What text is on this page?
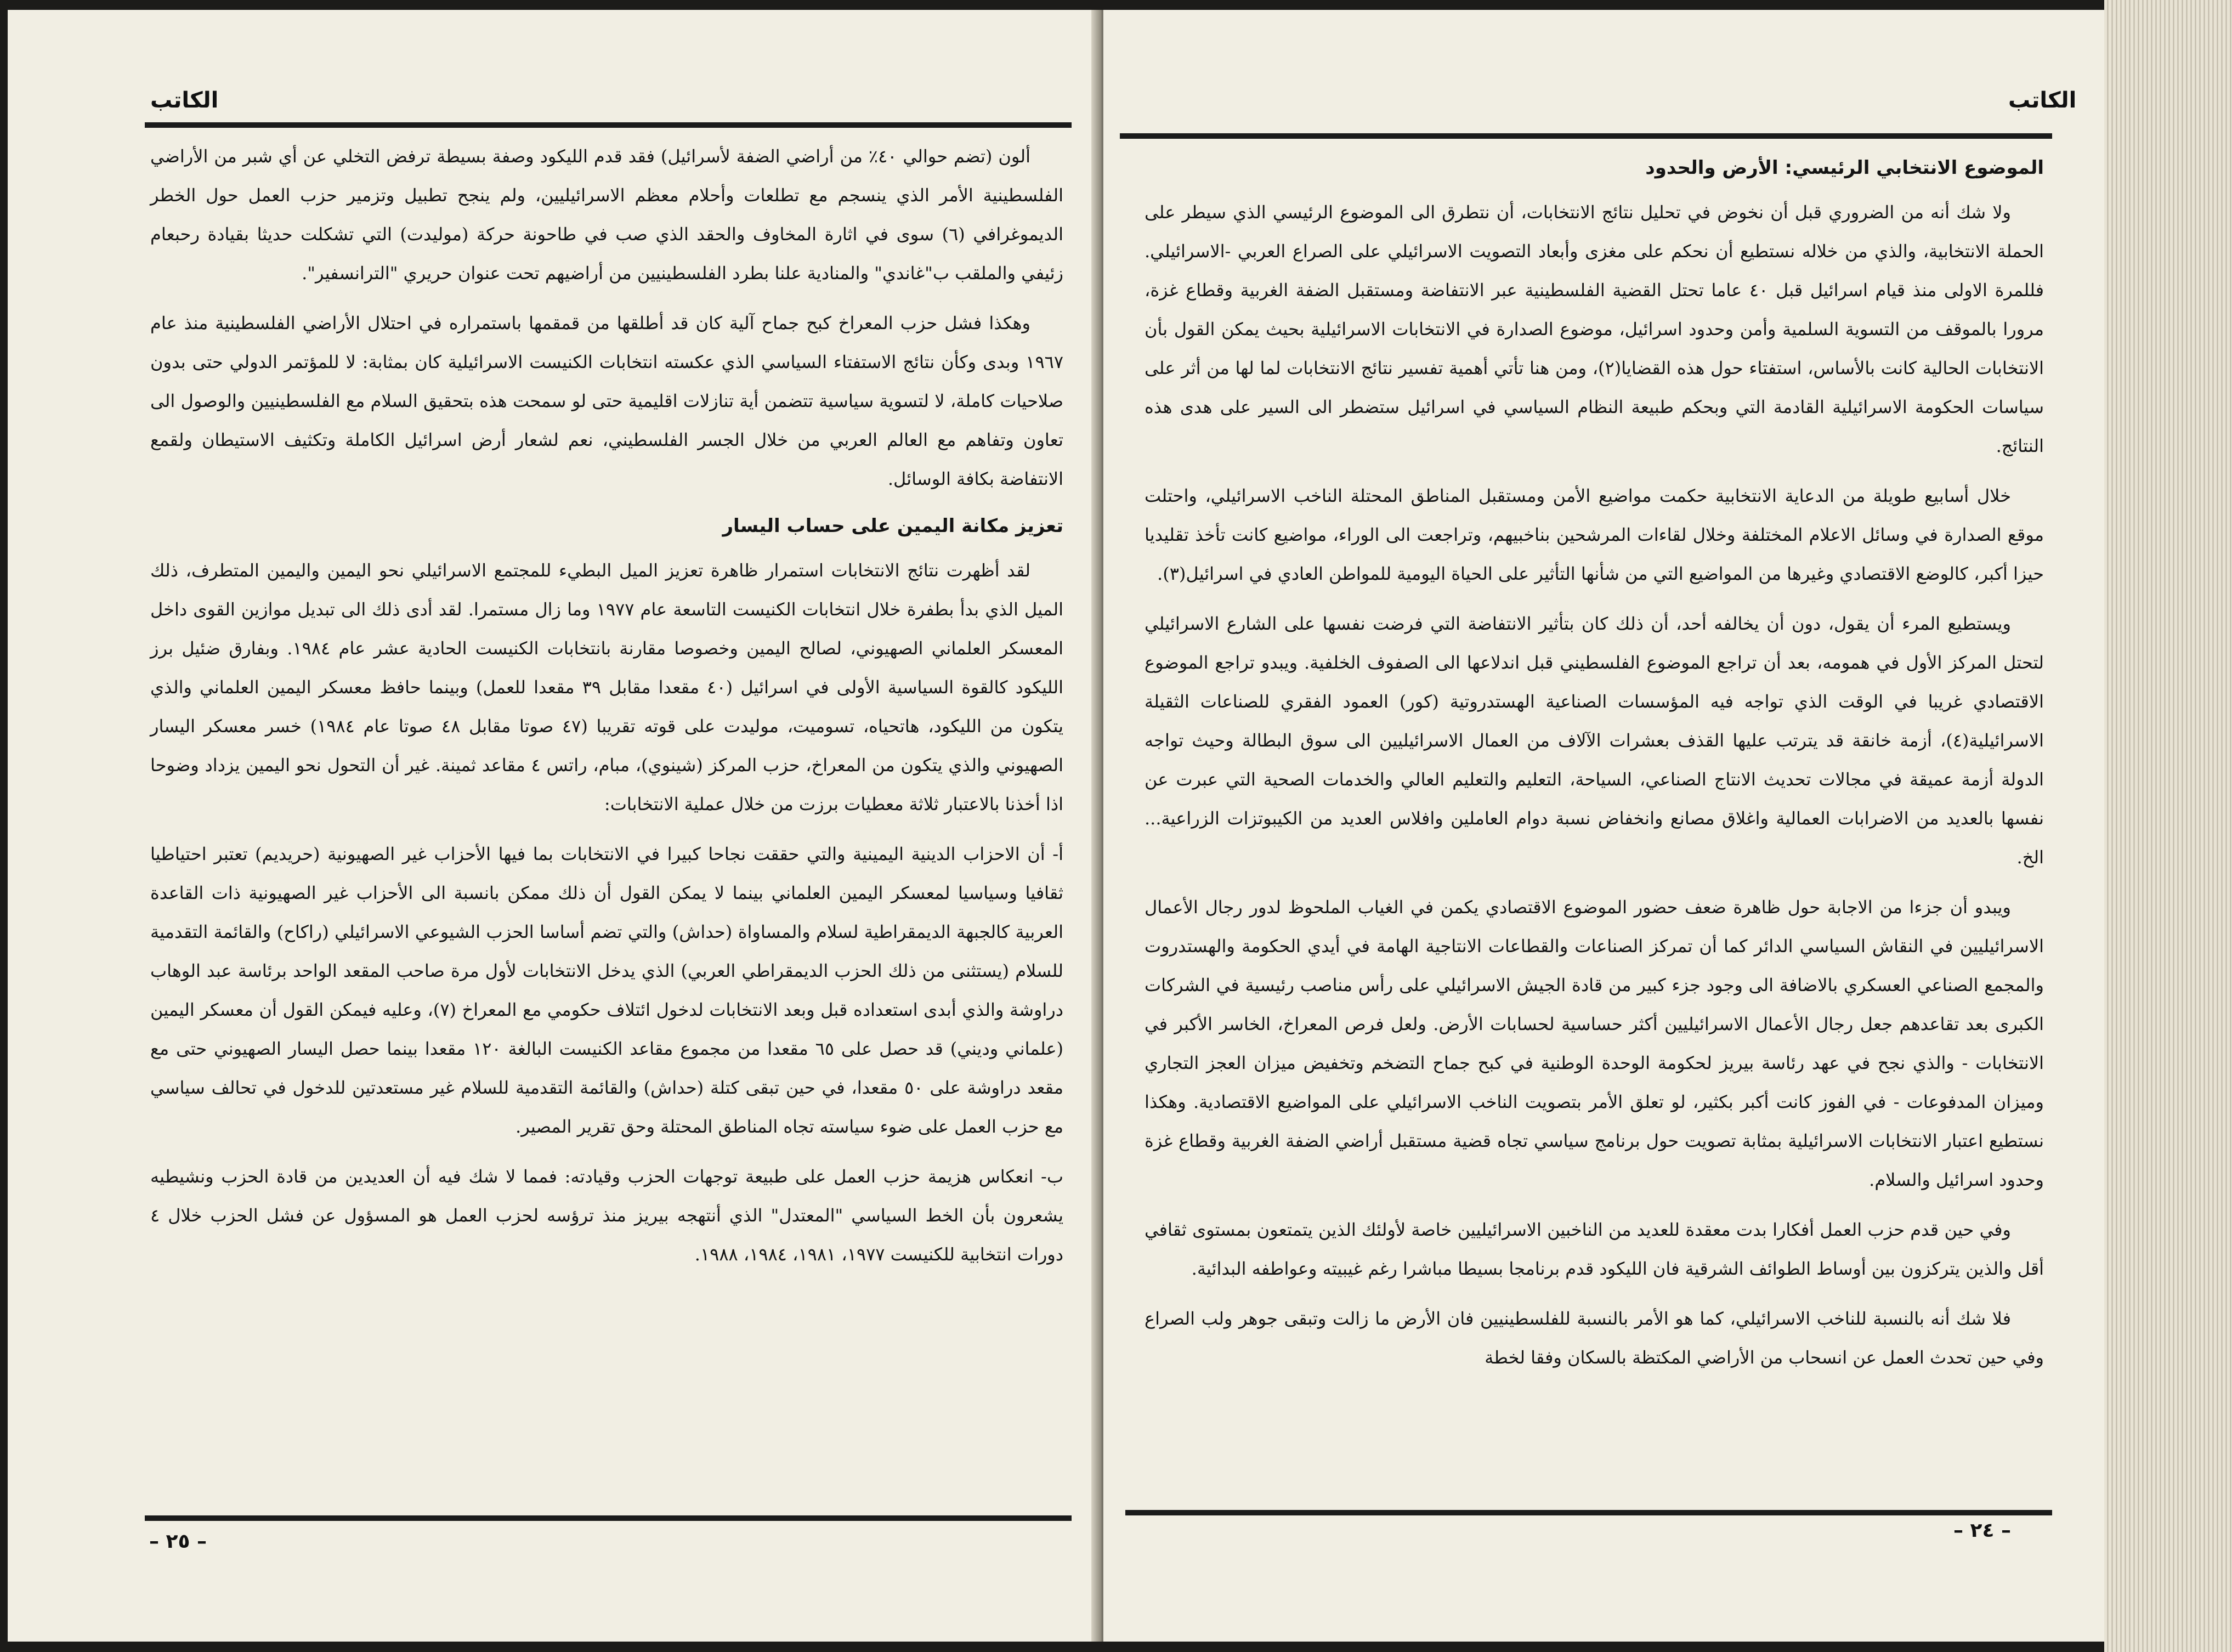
الكاتب

ألون (تضم حوالي ٤٠٪ من أراضي الضفة لأسرائيل) فقد قدم الليكود وصفة بسيطة ترفض التخلي عن أي شبر من الأراضي الفلسطينية الأمر الذي ينسجم مع تطلعات وأحلام معظم الاسرائيليين، ولم ينجح تطبيل وتزمير حزب العمل حول الخطر الديموغرافي (٦) سوى في اثارة المخاوف والحقد الذي صب في طاحونة حركة (موليدت) التي تشكلت حديثا بقيادة رحبعام زئيفي والملقب ب"غاندي" والمنادية علنا بطرد الفلسطينيين من أراضيهم تحت عنوان حريري "الترانسفير".

وهكذا فشل حزب المعراخ كبح جماح آلية كان قد أطلقها من قمقمها باستمراره في احتلال الأراضي الفلسطينية منذ عام ١٩٦٧ وبدى وكأن نتائج الاستفتاء السياسي الذي عكسته انتخابات الكنيست الاسرائيلية كان بمثابة: لا للمؤتمر الدولي حتى بدون صلاحيات كاملة، لا لتسوية سياسية تتضمن أية تنازلات اقليمية حتى لو سمحت هذه بتحقيق السلام مع الفلسطينيين والوصول الى تعاون وتفاهم مع العالم العربي من خلال الجسر الفلسطيني، نعم لشعار أرض اسرائيل الكاملة وتكثيف الاستيطان ولقمع الانتفاضة بكافة الوسائل.

تعزيز مكانة اليمين على حساب اليسار

لقد أظهرت نتائج الانتخابات استمرار ظاهرة تعزيز الميل البطيء للمجتمع الاسرائيلي نحو اليمين واليمين المتطرف، ذلك الميل الذي بدأ بطفرة خلال انتخابات الكنيست التاسعة عام ١٩٧٧ وما زال مستمرا. لقد أدى ذلك الى تبديل موازين القوى داخل المعسكر العلماني الصهيوني، لصالح اليمين وخصوصا مقارنة بانتخابات الكنيست الحادية عشر عام ١٩٨٤. وبفارق ضئيل برز الليكود كالقوة السياسية الأولى في اسرائيل (٤٠ مقعدا مقابل ٣٩ مقعدا للعمل) وبينما حافظ معسكر اليمين العلماني والذي يتكون من الليكود، هاتحياه، تسوميت، موليدت على قوته تقريبا (٤٧ صوتا مقابل ٤٨ صوتا عام ١٩٨٤) خسر معسكر اليسار الصهيوني والذي يتكون من المعراخ، حزب المركز (شينوي)، مبام، راتس ٤ مقاعد ثمينة. غير أن التحول نحو اليمين يزداد وضوحا اذا أخذنا بالاعتبار ثلاثة معطيات برزت من خلال عملية الانتخابات:

أ- أن الاحزاب الدينية اليمينية والتي حققت نجاحا كبيرا في الانتخابات بما فيها الأحزاب غير الصهيونية (حريديم) تعتبر احتياطيا ثقافيا وسياسيا لمعسكر اليمين العلماني بينما لا يمكن القول أن ذلك ممكن بانسبة الى الأحزاب غير الصهيونية ذات القاعدة العربية كالجبهة الديمقراطية لسلام والمساواة (حداش) والتي تضم أساسا الحزب الشيوعي الاسرائيلي (راكاح) والقائمة التقدمية للسلام (يستثنى من ذلك الحزب الديمقراطي العربي) الذي يدخل الانتخابات لأول مرة صاحب المقعد الواحد برئاسة عبد الوهاب دراوشة والذي أبدى استعداده قبل وبعد الانتخابات لدخول ائتلاف حكومي مع المعراخ (٧)، وعليه فيمكن القول أن معسكر اليمين (علماني وديني) قد حصل على ٦٥ مقعدا من مجموع مقاعد الكنيست البالغة ١٢٠ مقعدا بينما حصل اليسار الصهيوني حتى مع مقعد دراوشة على ٥٠ مقعدا، في حين تبقى كتلة (حداش) والقائمة التقدمية للسلام غير مستعدتين للدخول في تحالف سياسي مع حزب العمل على ضوء سياسته تجاه المناطق المحتلة وحق تقرير المصير.

ب- انعكاس هزيمة حزب العمل على طبيعة توجهات الحزب وقيادته: فمما لا شك فيه أن العديدين من قادة الحزب ونشيطيه يشعرون بأن الخط السياسي "المعتدل" الذي أنتهجه بيريز منذ ترؤسه لحزب العمل هو المسؤول عن فشل الحزب خلال ٤ دورات انتخابية للكنيست ١٩٧٧، ١٩٨١، ١٩٨٤، ١٩٨٨.

– ٢٥ –
الكاتب
الموضوع الانتخابي الرئيسي: الأرض والحدود

ولا شك أنه من الضروري قبل أن نخوض في تحليل نتائج الانتخابات، أن نتطرق الى الموضوع الرئيسي الذي سيطر على الحملة الانتخابية، والذي من خلاله نستطيع أن نحكم على مغزى وأبعاد التصويت الاسرائيلي على الصراع العربي -الاسرائيلي. فللمرة الاولى منذ قيام اسرائيل قبل ٤٠ عاما تحتل القضية الفلسطينية عبر الانتفاضة ومستقبل الضفة الغربية وقطاع غزة، مرورا بالموقف من التسوية السلمية وأمن وحدود اسرائيل، موضوع الصدارة في الانتخابات الاسرائيلية بحيث يمكن القول بأن الانتخابات الحالية كانت بالأساس، استفتاء حول هذه القضايا(٢)، ومن هنا تأتي أهمية تفسير نتائج الانتخابات لما لها من أثر على سياسات الحكومة الاسرائيلية القادمة التي وبحكم طبيعة النظام السياسي في اسرائيل ستضطر الى السير على هدى هذه النتائج.

خلال أسابيع طويلة من الدعاية الانتخابية حكمت مواضيع الأمن ومستقبل المناطق المحتلة الناخب الاسرائيلي، واحتلت موقع الصدارة في وسائل الاعلام المختلفة وخلال لقاءات المرشحين بناخبيهم، وتراجعت الى الوراء، مواضيع كانت تأخذ تقليديا حيزا أكبر، كالوضع الاقتصادي وغيرها من المواضيع التي من شأنها التأثير على الحياة اليومية للمواطن العادي في اسرائيل(٣).

ويستطيع المرء أن يقول، دون أن يخالفه أحد، أن ذلك كان بتأثير الانتفاضة التي فرضت نفسها على الشارع الاسرائيلي لتحتل المركز الأول في همومه، بعد أن تراجع الموضوع الفلسطيني قبل اندلاعها الى الصفوف الخلفية. ويبدو تراجع الموضوع الاقتصادي غريبا في الوقت الذي تواجه فيه المؤسسات الصناعية الهستدروتية (كور) العمود الفقري للصناعات الثقيلة الاسرائيلية(٤)، أزمة خانقة قد يترتب عليها القذف بعشرات الآلاف من العمال الاسرائيليين الى سوق البطالة وحيث تواجه الدولة أزمة عميقة في مجالات تحديث الانتاج الصناعي، السياحة، التعليم والتعليم العالي والخدمات الصحية التي عبرت عن نفسها بالعديد من الاضرابات العمالية واغلاق مصانع وانخفاض نسبة دوام العاملين وافلاس العديد من الكيبوتزات الزراعية... الخ.

ويبدو أن جزءا من الاجابة حول ظاهرة ضعف حضور الموضوع الاقتصادي يكمن في الغياب الملحوظ لدور رجال الأعمال الاسرائيليين في النقاش السياسي الدائر كما أن تمركز الصناعات والقطاعات الانتاجية الهامة في أيدي الحكومة والهستدروت والمجمع الصناعي العسكري بالاضافة الى وجود جزء كبير من قادة الجيش الاسرائيلي على رأس مناصب رئيسية في الشركات الكبرى بعد تقاعدهم جعل رجال الأعمال الاسرائيليين أكثر حساسية لحسابات الأرض. ولعل فرص المعراخ، الخاسر الأكبر في الانتخابات - والذي نجح في عهد رئاسة بيريز لحكومة الوحدة الوطنية في كبح جماح التضخم وتخفيض ميزان العجز التجاري وميزان المدفوعات - في الفوز كانت أكبر بكثير، لو تعلق الأمر بتصويت الناخب الاسرائيلي على المواضيع الاقتصادية. وهكذا نستطيع اعتبار الانتخابات الاسرائيلية بمثابة تصويت حول برنامج سياسي تجاه قضية مستقبل أراضي الضفة الغربية وقطاع غزة وحدود اسرائيل والسلام.

وفي حين قدم حزب العمل أفكارا بدت معقدة للعديد من الناخبين الاسرائيليين خاصة لأولئك الذين يتمتعون بمستوى ثقافي أقل والذين يتركزون بين أوساط الطوائف الشرقية فان الليكود قدم برنامجا بسيطا مباشرا رغم غيبيته وعواطفه البدائية.

فلا شك أنه بالنسبة للناخب الاسرائيلي، كما هو الأمر بالنسبة للفلسطينيين فان الأرض ما زالت وتبقى جوهر ولب الصراع وفي حين تحدث العمل عن انسحاب من الأراضي المكتظة بالسكان وفقا لخطة

– ٢٤ –
